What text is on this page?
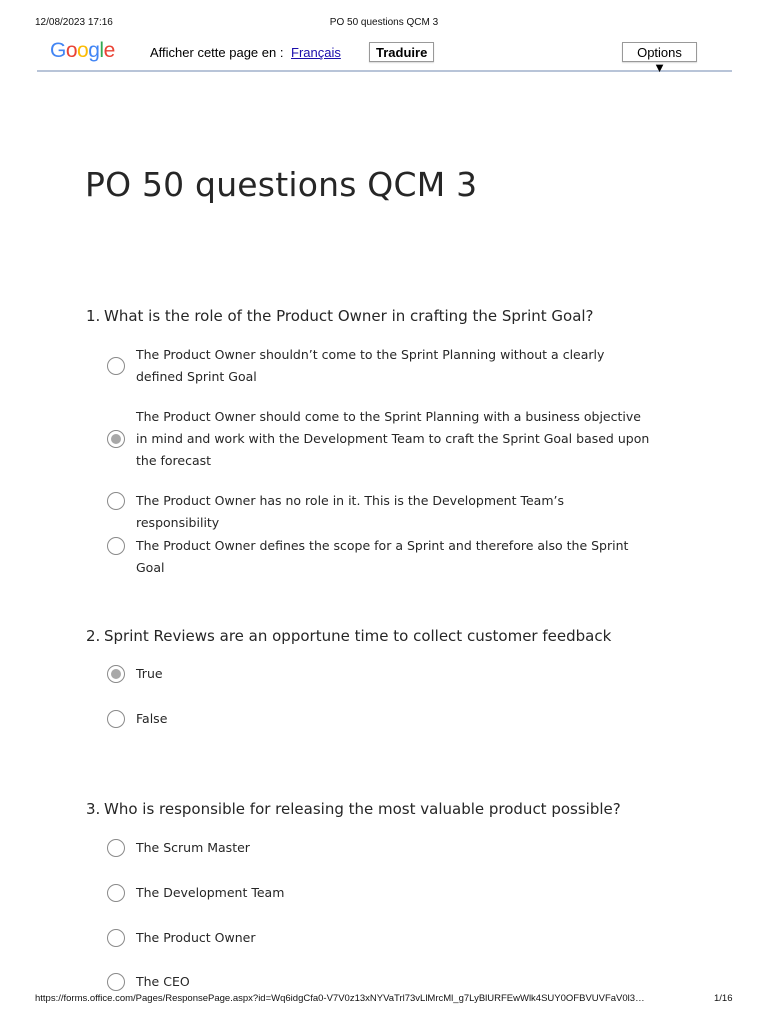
12/08/2023 17:16	PO 50 questions QCM 3
Google	Afficher cette page en : Français	Traduire	Options ▼
PO 50 questions QCM 3
1. What is the role of the Product Owner in crafting the Sprint Goal?
The Product Owner shouldn’t come to the Sprint Planning without a clearly defined Sprint Goal
The Product Owner should come to the Sprint Planning with a business objective in mind and work with the Development Team to craft the Sprint Goal based upon the forecast
The Product Owner has no role in it. This is the Development Team’s responsibility
The Product Owner defines the scope for a Sprint and therefore also the Sprint Goal
2. Sprint Reviews are an opportune time to collect customer feedback
True
False
3. Who is responsible for releasing the most valuable product possible?
The Scrum Master
The Development Team
The Product Owner
The CEO
https://forms.office.com/Pages/ResponsePage.aspx?id=Wq6idgCfa0-V7V0z13xNYVaTrl73vLlMrcMl_g7LyBlURFEwWlk4SUY0OFBVUVFaV0l3…	1/16
